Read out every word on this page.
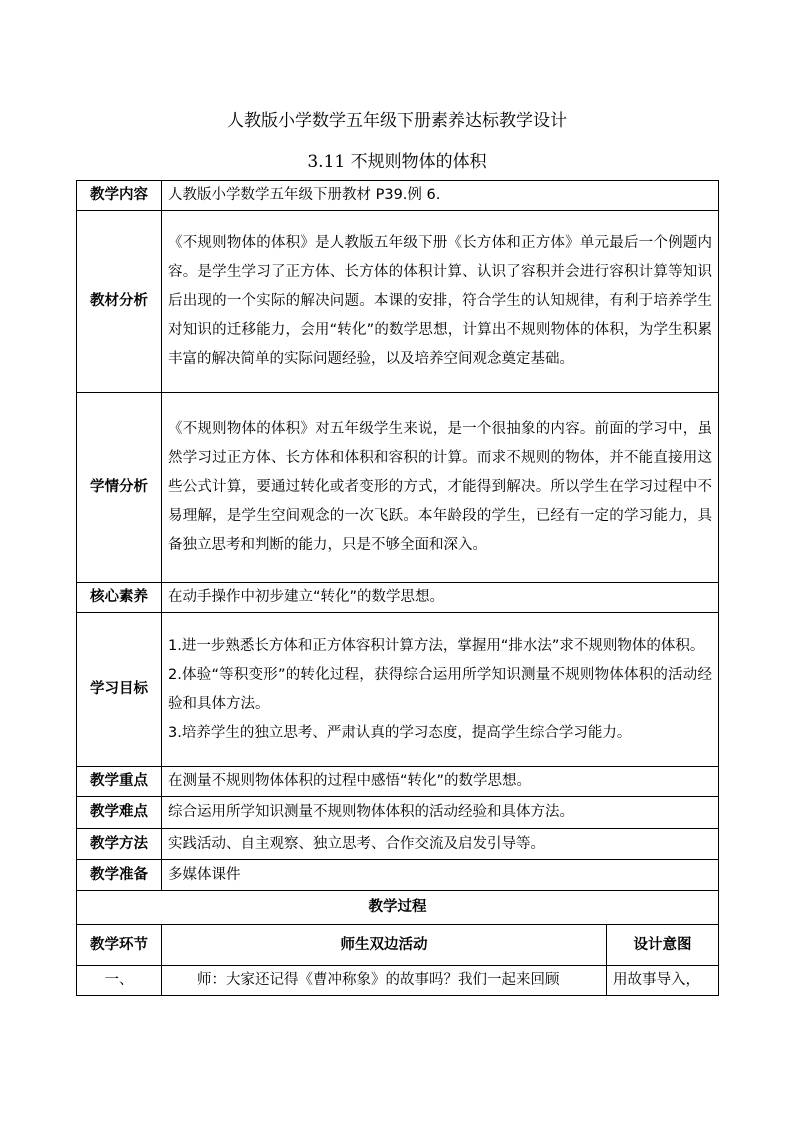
人教版小学数学五年级下册素养达标教学设计
3.11 不规则物体的体积
教学内容	人教版小学数学五年级下册教材 P39.例 6.	
教材分析	《不规则物体的体积》是人教版五年级下册《长方体和正方体》单元最后一个例题内容。是学生学习了正方体、长方体的体积计算、认识了容积并会进行容积计算等知识后出现的一个实际的解决问题。本课的安排，符合学生的认知规律，有利于培养学生对知识的迁移能力，会用“转化”的数学思想，计算出不规则物体的体积，为学生积累丰富的解决简单的实际问题经验，以及培养空间观念奠定基础。	
学情分析	《不规则物体的体积》对五年级学生来说，是一个很抽象的内容。前面的学习中，虽然学习过正方体、长方体和体积和容积的计算。而求不规则的物体，并不能直接用这些公式计算，要通过转化或者变形的方式，才能得到解决。所以学生在学习过程中不易理解，是学生空间观念的一次飞跃。本年龄段的学生，已经有一定的学习能力，具备独立思考和判断的能力，只是不够全面和深入。	
核心素养	在动手操作中初步建立“转化”的数学思想。	
学习目标	1.进一步熟悉长方体和正方体容积计算方法，掌握用“排水法”求不规则物体的体积。
2.体验“等积变形”的转化过程，获得综合运用所学知识测量不规则物体体积的活动经验和具体方法。
3.培养学生的独立思考、严肃认真的学习态度，提高学生综合学习能力。	

教学重点	在测量不规则物体体积的过程中感悟“转化”的数学思想。	
教学难点	综合运用所学知识测量不规则物体体积的活动经验和具体方法。	
教学方法	实践活动、自主观察、独立思考、合作交流及启发引导等。	
教学准备	多媒体课件	
教学过程		
教学环节	师生双边活动	设计意图
一、	师：大家还记得《曹冲称象》的故事吗？我们一起来回顾	用故事导入，
